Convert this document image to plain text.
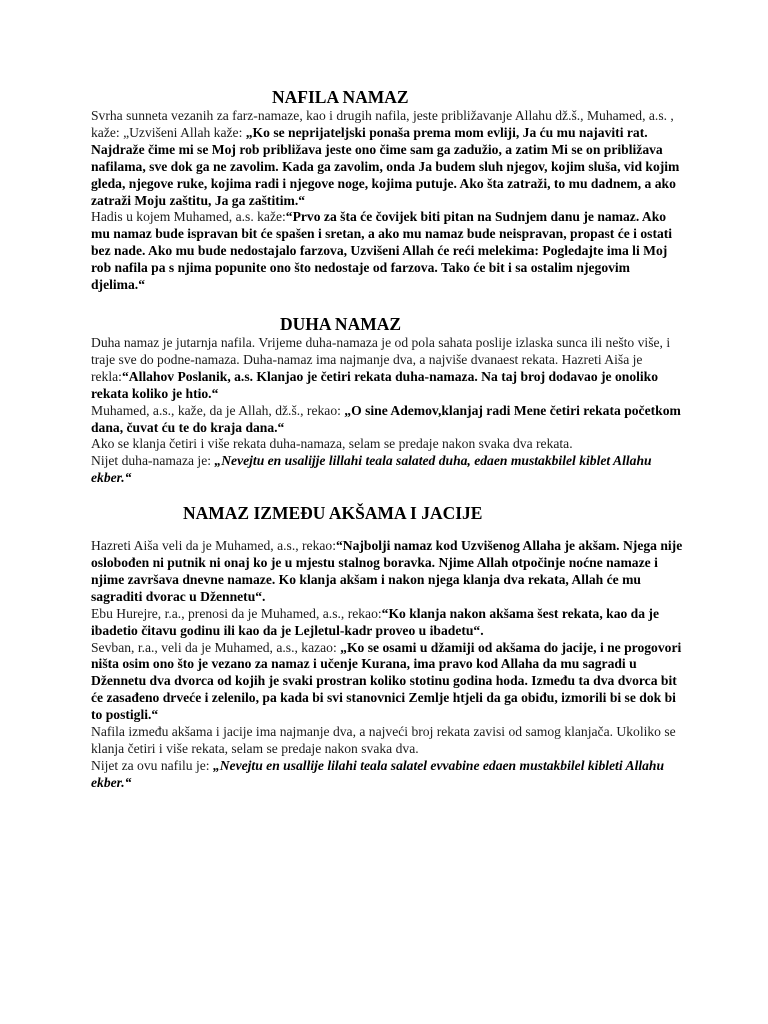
NAFILA NAMAZ

Svrha sunneta vezanih za farz-namaze, kao i drugih nafila, jeste približavanje Allahu dž.š., Muhamed, a.s. , kaže: „Uzvišeni Allah kaže: „Ko se neprijateljski ponaša prema mom evliji, Ja ću mu najaviti rat. Najdraže čime mi se Moj rob približava jeste ono čime sam ga zadužio, a zatim Mi se on približava nafilama, sve dok ga ne zavolim. Kada ga zavolim, onda Ja budem sluh njegov, kojim sluša, vid kojim gleda, njegove ruke, kojima radi i njegove noge, kojima putuje. Ako šta zatraži, to mu dadnem, a ako zatraži Moju zaštitu, Ja ga zaštitim.“

Hadis u kojem Muhamed, a.s. kaže:“Prvo za šta će čovijek biti pitan na Sudnjem danu je namaz. Ako mu namaz bude ispravan bit će spašen i sretan, a ako mu namaz bude neispravan, propast će i ostati bez nade. Ako mu bude nedostajalo farzova, Uzvišeni Allah će reći melekima: Pogledajte ima li Moj rob nafila pa s njima popunite ono što nedostaje od farzova. Tako će bit i sa ostalim njegovim djelima.“

DUHA NAMAZ

Duha namaz je jutarnja nafila. Vrijeme duha-namaza je od pola sahata poslije izlaska sunca ili nešto više, i traje sve do podne-namaza. Duha-namaz ima najmanje dva, a najviše dvanaest rekata. Hazreti Aiša je rekla:“Allahov Poslanik, a.s. Klanjao je četiri rekata duha-namaza. Na taj broj dodavao je onoliko rekata koliko je htio.“

Muhamed, a.s., kaže, da je Allah, dž.š., rekao: „O sine Ademov,klanjaj radi Mene četiri rekata početkom dana, čuvat ću te do kraja dana.“

Ako se klanja četiri i više rekata duha-namaza, selam se predaje nakon svaka dva rekata.

Nijet duha-namaza je: „Nevejtu en usalijje lillahi teala salated duha, edaen mustakbilel kiblet Allahu ekber.“

NAMAZ IZMEĐU AKŠAMA I JACIJE

Hazreti Aiša veli da je Muhamed, a.s., rekao:“Najbolji namaz kod Uzvišenog Allaha je akšam. Njega nije oslobođen ni putnik ni onaj ko je u mjestu stalnog boravka. Njime Allah otpočinje noćne namaze i njime završava dnevne namaze. Ko klanja akšam i nakon njega klanja dva rekata, Allah će mu sagraditi dvorac u Džennetu“.

Ebu Hurejre, r.a., prenosi da je Muhamed, a.s., rekao:“Ko klanja nakon akšama šest rekata, kao da je ibadetio čitavu godinu ili kao da je Lejletul-kadr proveo u ibadetu“.

Sevban, r.a., veli da je Muhamed, a.s., kazao: „Ko se osami u džamiji od akšama do jacije, i ne progovori ništa osim ono što je vezano za namaz i učenje Kurana, ima pravo kod Allaha da mu sagradi u Džennetu dva dvorca od kojih je svaki prostran koliko stotinu godina hoda. Između ta dva dvorca bit će zasađeno drveće i zelenilo, pa kada bi svi stanovnici Zemlje htjeli da ga obiđu, izmorili bi se dok bi to postigli.“

Nafila između akšama i jacije ima najmanje dva, a najveći broj rekata zavisi od samog klanjača. Ukoliko se klanja četiri i više rekata, selam se predaje nakon svaka dva.

Nijet za ovu nafilu je: „Nevejtu en usallije lilahi teala salatel evvabine edaen mustakbilel kibleti Allahu ekber.“
